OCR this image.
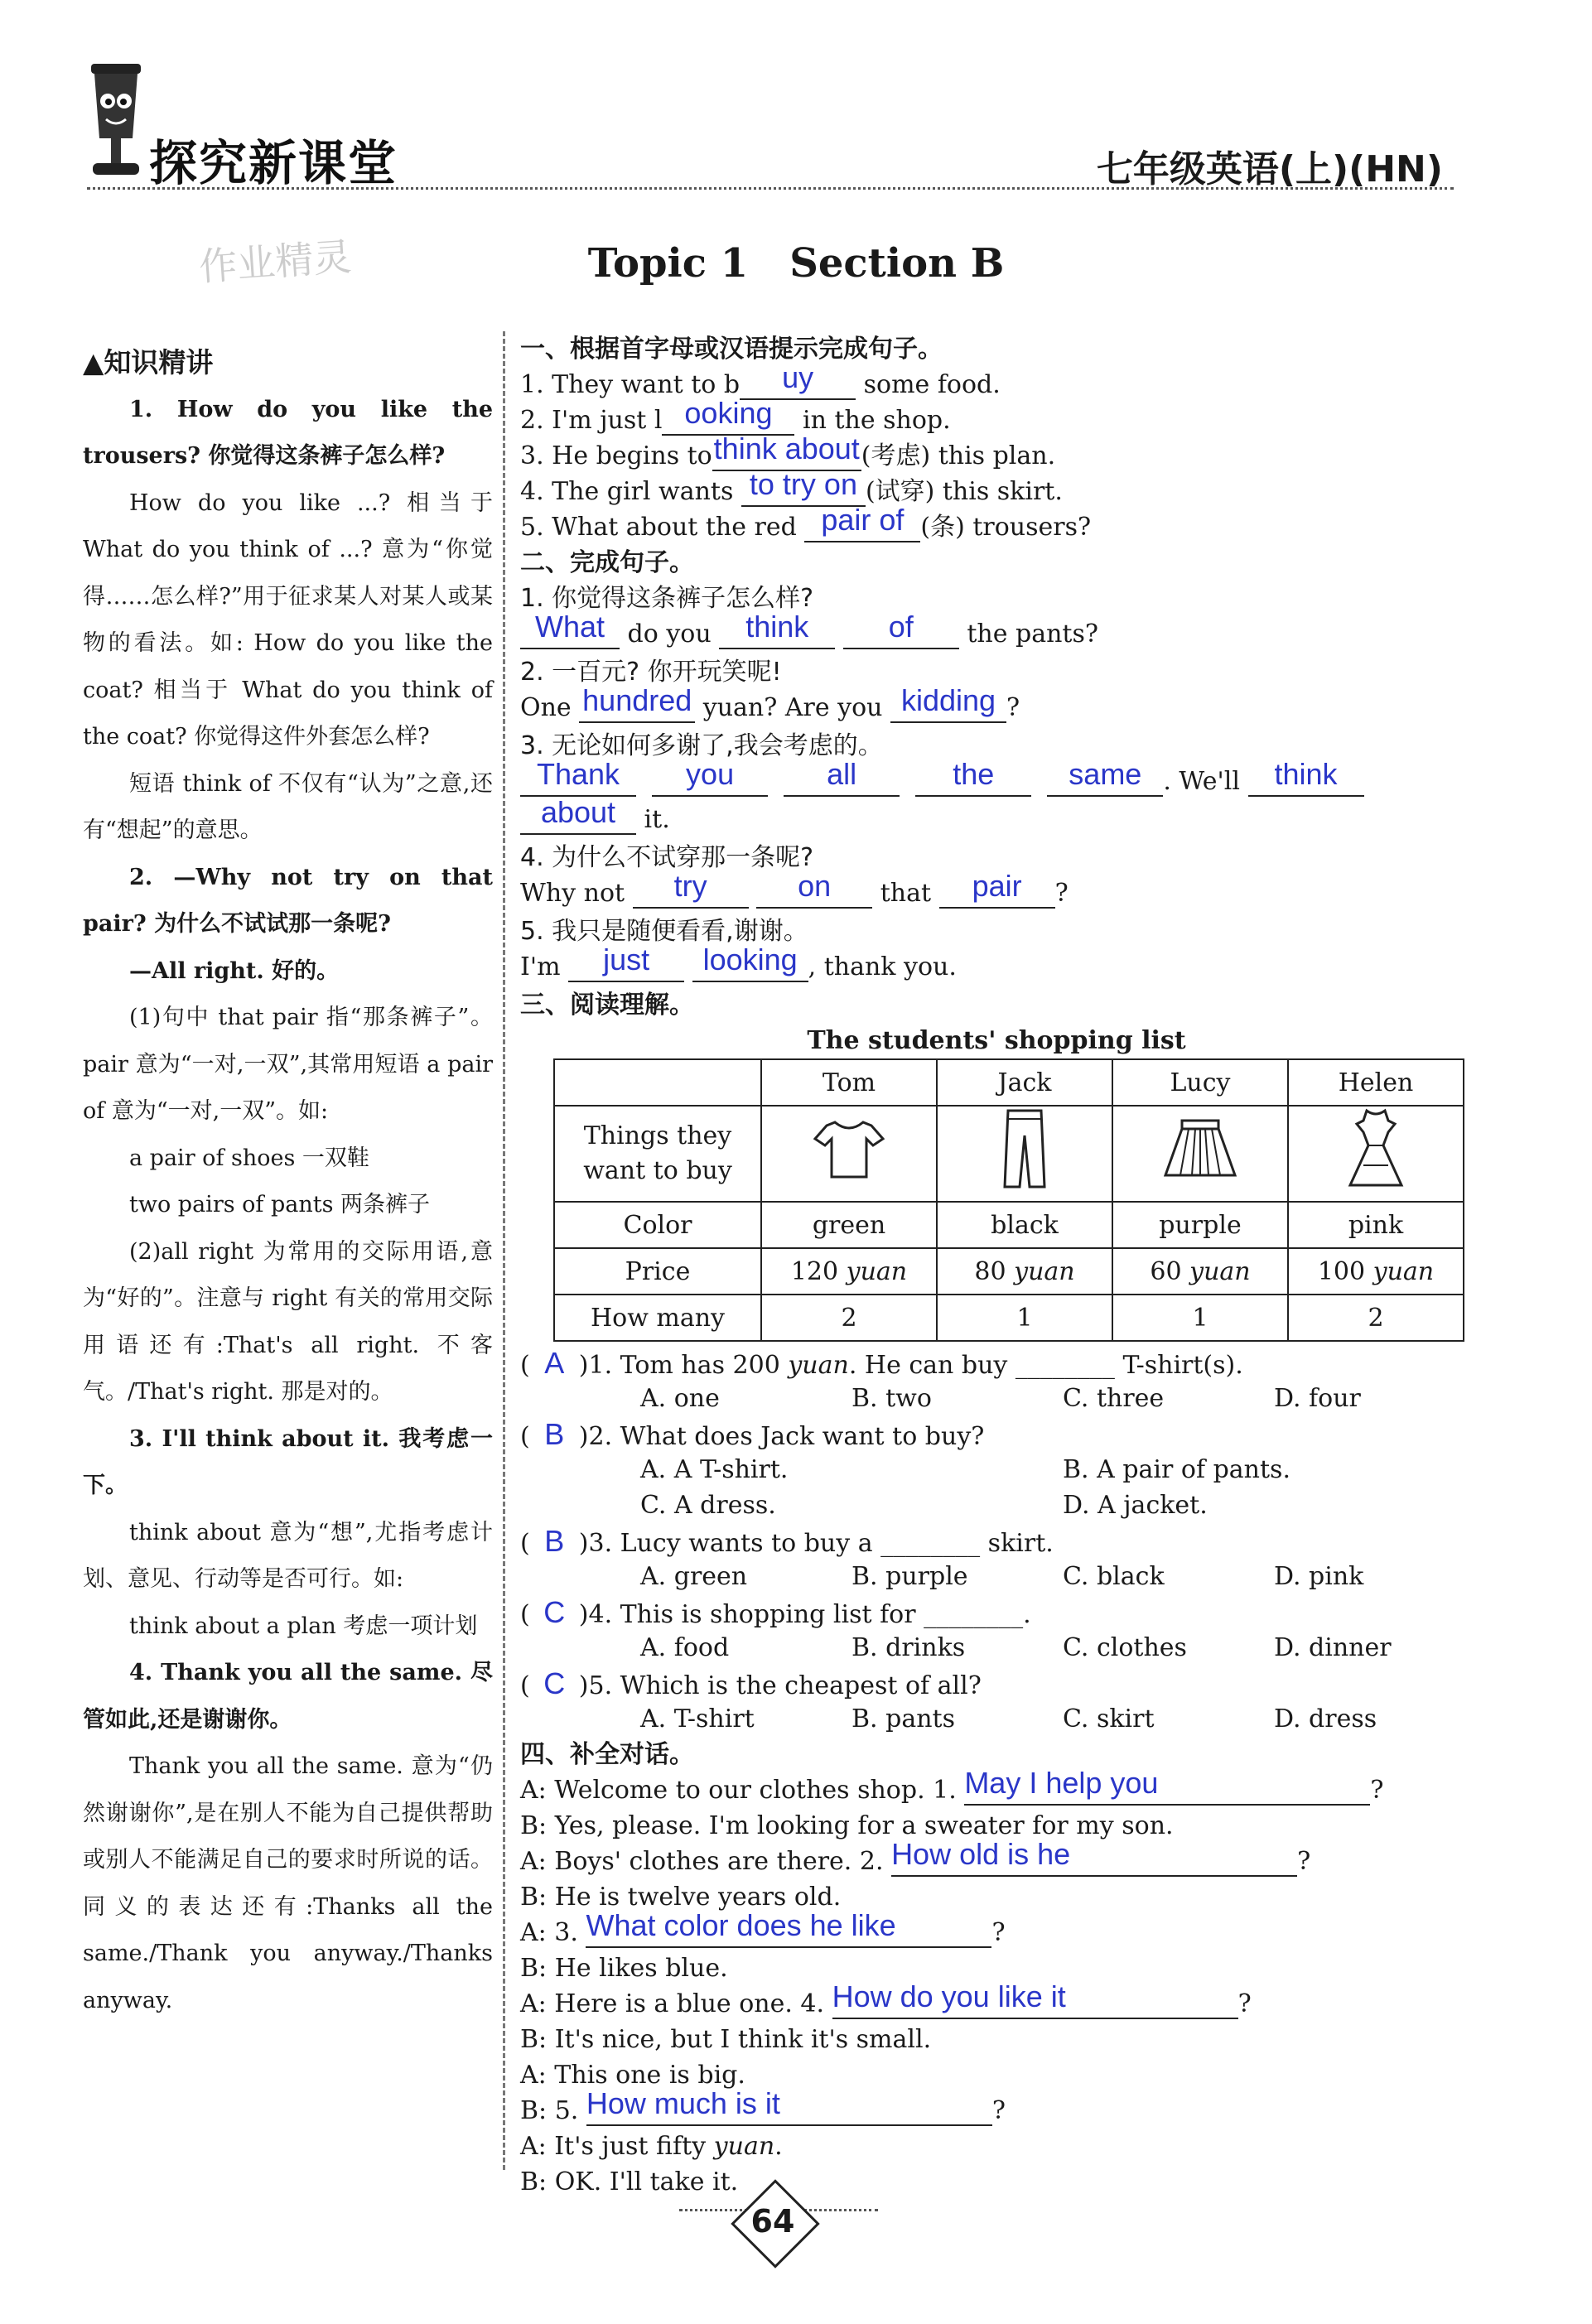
探究新课堂	七年级英语(上)(HN)
作业精灵	Topic 1   Section B

▲知识精讲

1. How do you like the trousers? 你觉得这条裤子怎么样?

How do you like ...? 相当于 What do you think of ...? 意为“你觉得……怎么样?”用于征求某人对某人或某物的看法。如: How do you like the coat? 相当于 What do you think of the coat? 你觉得这件外套怎么样?

短语 think of 不仅有“认为”之意,还有“想起”的意思。

2. —Why not try on that pair? 为什么不试试那一条呢?

—All right. 好的。

(1)句中 that pair 指“那条裤子”。pair 意为“一对,一双”,其常用短语 a pair of 意为“一对,一双”。如:

a pair of shoes 一双鞋

two pairs of pants 两条裤子

(2)all right 为常用的交际用语,意为“好的”。注意与 right 有关的常用交际用语还有:That's all right. 不客气。/That's right. 那是对的。

3. I'll think about it. 我考虑一下。

think about 意为“想”,尤指考虑计划、意见、行动等是否可行。如:

think about a plan 考虑一项计划

4. Thank you all the same. 尽管如此,还是谢谢你。

Thank you all the same. 意为“仍然谢谢你”,是在别人不能为自己提供帮助或别人不能满足自己的要求时所说的话。同义的表达还有:Thanks all the same./Thank you anyway./Thanks anyway.

一、根据首字母或汉语提示完成句子。
1. They want to b uy some food.
2. I'm just l ooking in the shop.
3. He begins tothink about(考虑) this plan.
4. The girl wants to try on (试穿) this skirt.
5. What about the red pair of (条) trousers?
二、完成句子。
1. 你觉得这条裤子怎么样?
What do you think	of the pants?
2. 一百元? 你开玩笑呢!
One hundred yuan? Are you kidding ?
3. 无论如何多谢了,我会考虑的。
Thank you	all	the	same . We'll think
about it.
4. 为什么不试穿那一条呢?
Why not try	on that pair ?
5. 我只是随便看看,谢谢。
I'm just looking , thank you.
三、阅读理解。
The students' shopping list
	Tom	Jack	Lucy	Helen
Things they want to buy				
Color	green	black	purple	pink
Price	120 yuan	80 yuan	60 yuan	100 yuan
How many	2	1	1	2
( A )1. Tom has 200 yuan. He can buy ________ T-shirt(s).
A. one	B. two	C. three	D. four
( B )2. What does Jack want to buy?
A. A T-shirt.	B. A pair of pants.
C. A dress.	D. A jacket.
( B )3. Lucy wants to buy a ________ skirt.
A. green	B. purple	C. black	D. pink
( C )4. This is shopping list for ________.
A. food	B. drinks	C. clothes	D. dinner
( C )5. Which is the cheapest of all?
A. T-shirt	B. pants	C. skirt	D. dress
四、补全对话。
A: Welcome to our clothes shop. 1. May I help you	?
B: Yes, please. I'm looking for a sweater for my son.
A: Boys' clothes are there. 2. How old is he	?
B: He is twelve years old.
A: 3. What color does he like	?
B: He likes blue.
A: Here is a blue one. 4. How do you like it	?
B: It's nice, but I think it's small.
A: This one is big.
B: 5. How much is it	?
A: It's just fifty yuan.
B: OK. I'll take it.
64
